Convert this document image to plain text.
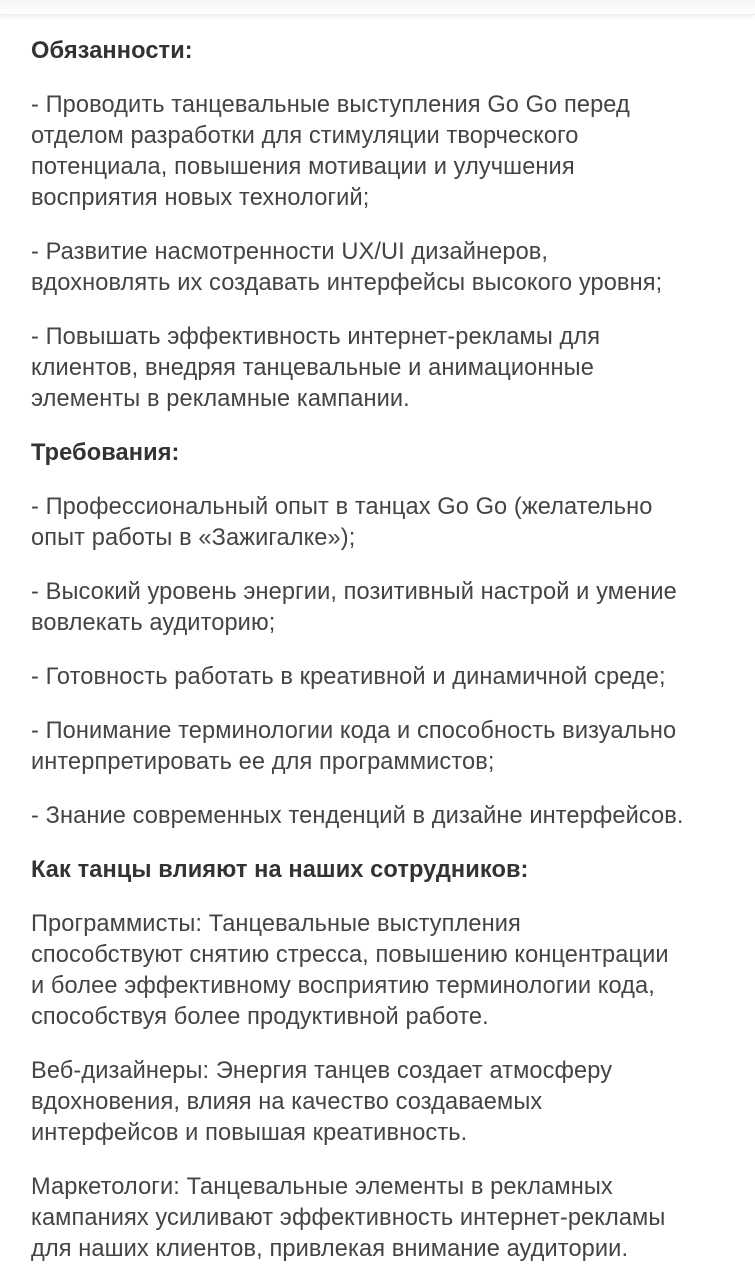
Обязанности:
- Проводить танцевальные выступления Go Go перед
отделом разработки для стимуляции творческого
потенциала, повышения мотивации и улучшения
восприятия новых технологий;
- Развитие насмотренности UX/UI дизайнеров,
вдохновлять их создавать интерфейсы высокого уровня;
- Повышать эффективность интернет-рекламы для
клиентов, внедряя танцевальные и анимационные
элементы в рекламные кампании.
Требования:
- Профессиональный опыт в танцах Go Go (желательно
опыт работы в «Зажигалке»);
- Высокий уровень энергии, позитивный настрой и умение
вовлекать аудиторию;
- Готовность работать в креативной и динамичной среде;
- Понимание терминологии кода и способность визуально
интерпретировать ее для программистов;
- Знание современных тенденций в дизайне интерфейсов.
Как танцы влияют на наших сотрудников:
Программисты: Танцевальные выступления
способствуют снятию стресса, повышению концентрации
и более эффективному восприятию терминологии кода,
способствуя более продуктивной работе.
Веб-дизайнеры: Энергия танцев создает атмосферу
вдохновения, влияя на качество создаваемых
интерфейсов и повышая креативность.
Маркетологи: Танцевальные элементы в рекламных
кампаниях усиливают эффективность интернет-рекламы
для наших клиентов, привлекая внимание аудитории.
